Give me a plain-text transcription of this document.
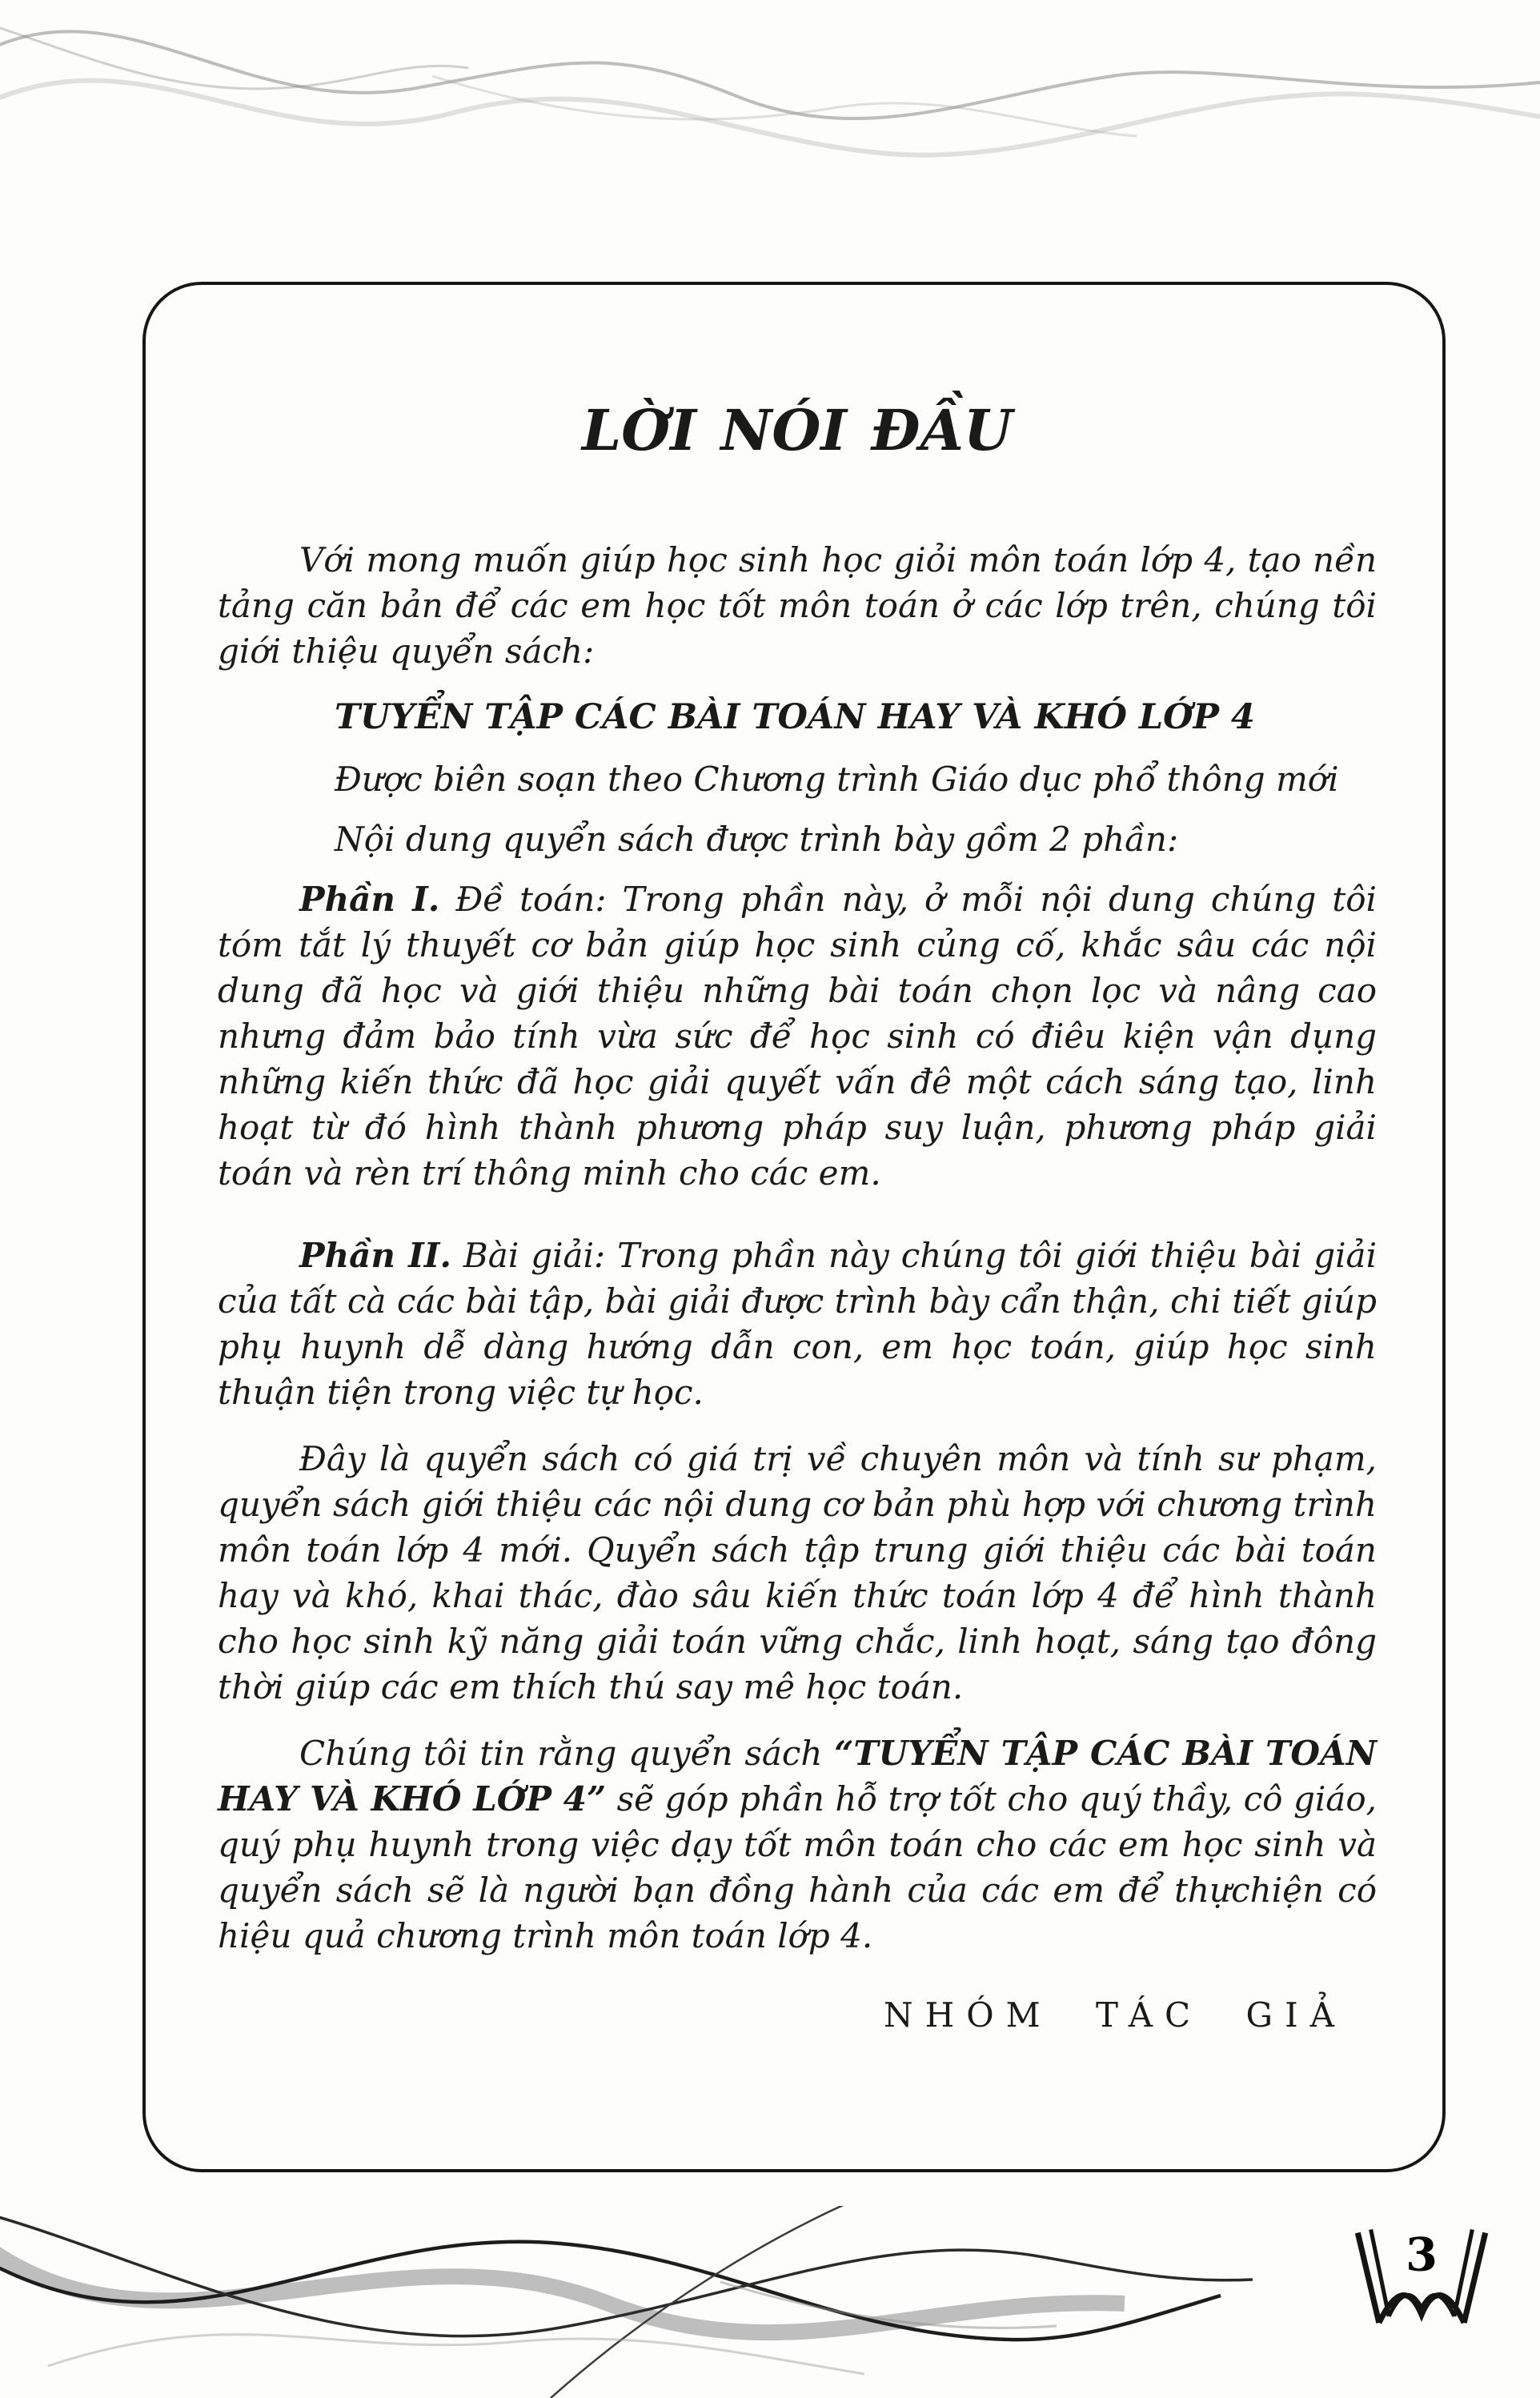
LỜI NÓI ĐẦU

Với mong muốn giúp học sinh học giỏi môn toán lớp 4, tạo nền tảng căn bản để các em học tốt môn toán ở các lớp trên, chúng tôi giới thiệu quyển sách:

TUYỂN TẬP CÁC BÀI TOÁN HAY VÀ KHÓ LỚP 4

Được biên soạn theo Chương trình Giáo dục phổ thông mới

Nội dung quyển sách được trình bày gồm 2 phần:

Phần I. Đề toán: Trong phần này, ở mỗi nội dung chúng tôi tóm tắt lý thuyết cơ bản giúp học sinh củng cố, khắc sâu các nội dung đã học và giới thiệu những bài toán chọn lọc và nâng cao nhưng đảm bảo tính vừa sức để học sinh có điêu kiện vận dụng những kiến thức đã học giải quyết vấn đê một cách sáng tạo, linh hoạt từ đó hình thành phương pháp suy luận, phương pháp giải toán và rèn trí thông minh cho các em.

Phần II. Bài giải: Trong phần này chúng tôi giới thiệu bài giải của tất cà các bài tập, bài giải được trình bày cẩn thận, chi tiết giúp phụ huynh dễ dàng hướng dẫn con, em học toán, giúp học sinh thuận tiện trong việc tự học.

Đây là quyển sách có giá trị về chuyên môn và tính sư phạm, quyển sách giới thiệu các nội dung cơ bản phù hợp với chương trình môn toán lớp 4 mới. Quyển sách tập trung giới thiệu các bài toán hay và khó, khai thác, đào sâu kiến thức toán lớp 4 để hình thành cho học sinh kỹ năng giải toán vững chắc, linh hoạt, sáng tạo đông thời giúp các em thích thú say mê học toán.

Chúng tôi tin rằng quyển sách “TUYỂN TẬP CÁC BÀI TOÁN HAY VÀ KHÓ LỚP 4” sẽ góp phần hỗ trợ tốt cho quý thầy, cô giáo, quý phụ huynh trong việc dạy tốt môn toán cho các em học sinh và quyển sách sẽ là người bạn đồng hành của các em để thựchiện có hiệu quả chương trình môn toán lớp 4.

NHÓM TÁC GIẢ
3
